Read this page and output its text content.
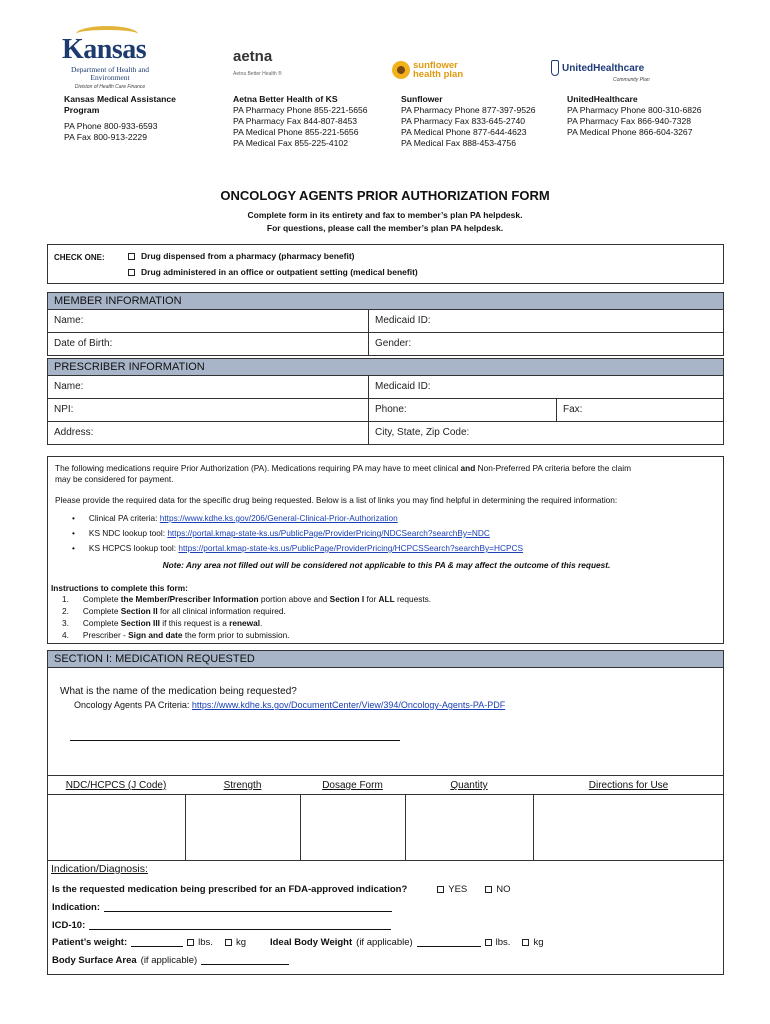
Kansas
Department of Health and Environment
Division of Health Care Finance
aetna
Aetna Better Health ®
sunflower
health plan
UnitedHealthcare
Community Plan
Kansas Medical Assistance
Program
PA Phone 800-933-6593
PA Fax 800-913-2229
Aetna Better Health of KS
PA Pharmacy Phone 855-221-5656
PA Pharmacy Fax 844-807-8453
PA Medical Phone 855-221-5656
PA Medical Fax 855-225-4102
Sunflower
PA Pharmacy Phone 877-397-9526
PA Pharmacy Fax 833-645-2740
PA Medical Phone 877-644-4623
PA Medical Fax 888-453-4756
UnitedHealthcare
PA Pharmacy Phone 800-310-6826
PA Pharmacy Fax 866-940-7328
PA Medical Phone 866-604-3267
ONCOLOGY AGENTS PRIOR AUTHORIZATION FORM
Complete form in its entirety and fax to member’s plan PA helpdesk.
For questions, please call the member’s plan PA helpdesk.
CHECK ONE:	Drug dispensed from a pharmacy (pharmacy benefit)
Drug administered in an office or outpatient setting (medical benefit)
MEMBER INFORMATION
Name:	Medicaid ID:
Date of Birth:	Gender:
PRESCRIBER INFORMATION
Name:	Medicaid ID:
NPI:	Phone:	Fax:
Address:	City, State, Zip Code:
The following medications require Prior Authorization (PA). Medications requiring PA may have to meet clinical and Non-Preferred PA criteria before the claim
may be considered for payment.
Please provide the required data for the specific drug being requested. Below is a list of links you may find helpful in determining the required information:
• Clinical PA criteria: https://www.kdhe.ks.gov/206/General-Clinical-Prior-Authorization
• KS NDC lookup tool: https://portal.kmap-state-ks.us/PublicPage/ProviderPricing/NDCSearch?searchBy=NDC
• KS HCPCS lookup tool: https://portal.kmap-state-ks.us/PublicPage/ProviderPricing/HCPCSSearch?searchBy=HCPCS
Note: Any area not filled out will be considered not applicable to this PA & may affect the outcome of this request.
Instructions to complete this form:
1. Complete the Member/Prescriber Information portion above and Section I for ALL requests.
2. Complete Section II for all clinical information required.
3. Complete Section III if this request is a renewal.
4. Prescriber - Sign and date the form prior to submission.
SECTION I: MEDICATION REQUESTED
What is the name of the medication being requested?
Oncology Agents PA Criteria: https://www.kdhe.ks.gov/DocumentCenter/View/394/Oncology-Agents-PA-PDF
NDC/HCPCS (J Code)	Strength	Dosage Form	Quantity	Directions for Use
Indication/Diagnosis:
Is the requested medication being prescribed for an FDA-approved indication?	YES	NO
Indication:
ICD-10:
Patient’s weight:	lbs. kg	Ideal Body Weight (if applicable)	lbs. kg
Body Surface Area (if applicable)
